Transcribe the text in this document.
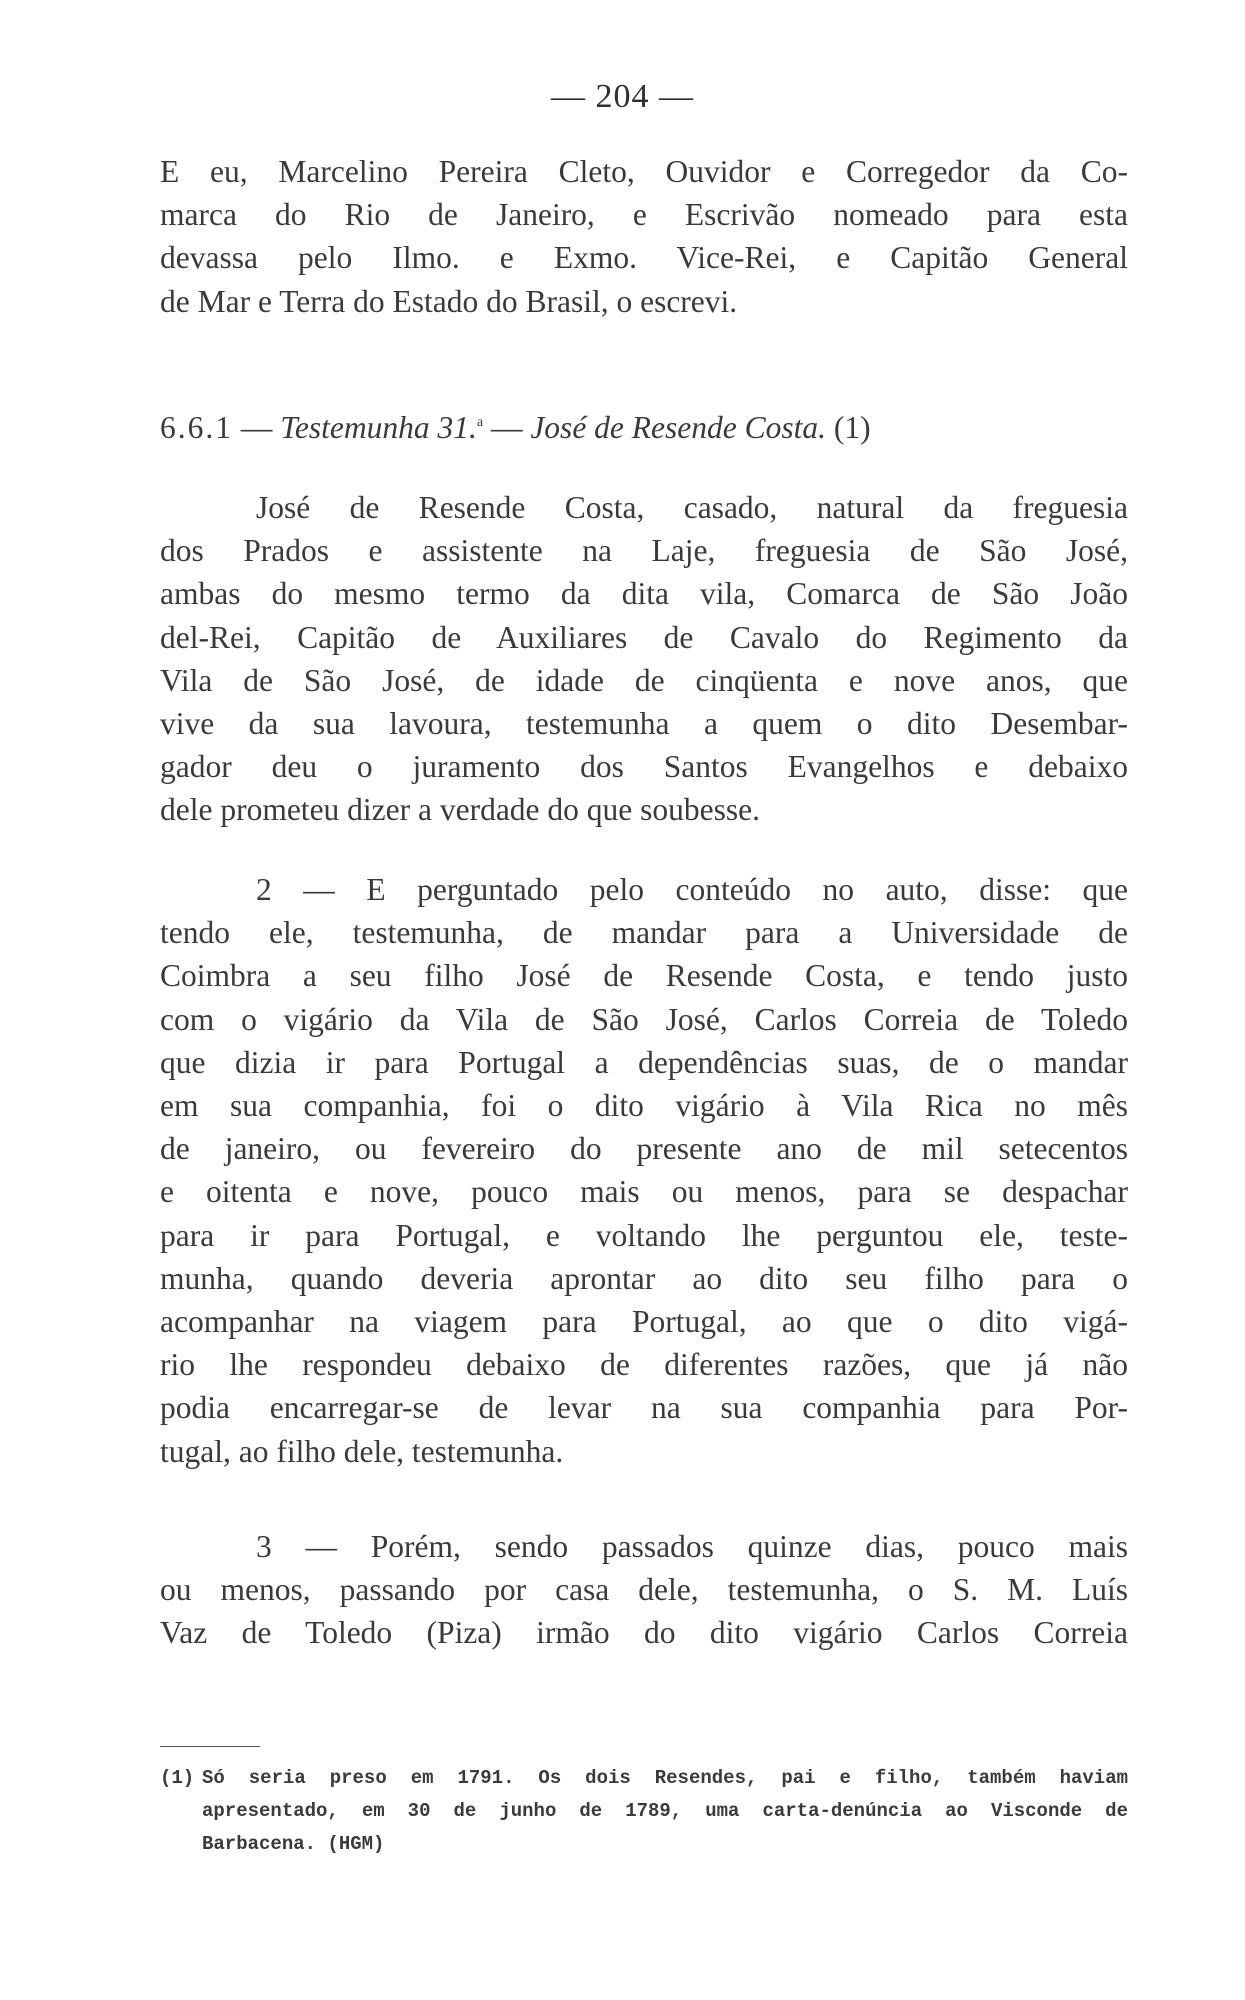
— 204 —
E eu, Marcelino Pereira Cleto, Ouvidor e Corregedor da Co-
marca do Rio de Janeiro, e Escrivão nomeado para esta
devassa pelo Ilmo. e Exmo. Vice-Rei, e Capitão General
de Mar e Terra do Estado do Brasil, o escrevi.
6.6.1 — Testemunha 31.$^a$ — José de Resende Costa. (1)
José de Resende Costa, casado, natural da freguesia
dos Prados e assistente na Laje, freguesia de São José,
ambas do mesmo termo da dita vila, Comarca de São João
del-Rei, Capitão de Auxiliares de Cavalo do Regimento da
Vila de São José, de idade de cinqüenta e nove anos, que
vive da sua lavoura, testemunha a quem o dito Desembar-
gador deu o juramento dos Santos Evangelhos e debaixo
dele prometeu dizer a verdade do que soubesse.
2 — E perguntado pelo conteúdo no auto, disse: que
tendo ele, testemunha, de mandar para a Universidade de
Coimbra a seu filho José de Resende Costa, e tendo justo
com o vigário da Vila de São José, Carlos Correia de Toledo
que dizia ir para Portugal a dependências suas, de o mandar
em sua companhia, foi o dito vigário à Vila Rica no mês
de janeiro, ou fevereiro do presente ano de mil setecentos
e oitenta e nove, pouco mais ou menos, para se despachar
para ir para Portugal, e voltando lhe perguntou ele, teste-
munha, quando deveria aprontar ao dito seu filho para o
acompanhar na viagem para Portugal, ao que o dito vigá-
rio lhe respondeu debaixo de diferentes razões, que já não
podia encarregar-se de levar na sua companhia para Por-
tugal, ao filho dele, testemunha.
3 — Porém, sendo passados quinze dias, pouco mais
ou menos, passando por casa dele, testemunha, o S. M. Luís
Vaz de Toledo (Piza) irmão do dito vigário Carlos Correia
(1) Só seria preso em 1791. Os dois Resendes, pai e filho, também haviam
apresentado, em 30 de junho de 1789, uma carta-denúncia ao Visconde de
Barbacena. (HGM)
